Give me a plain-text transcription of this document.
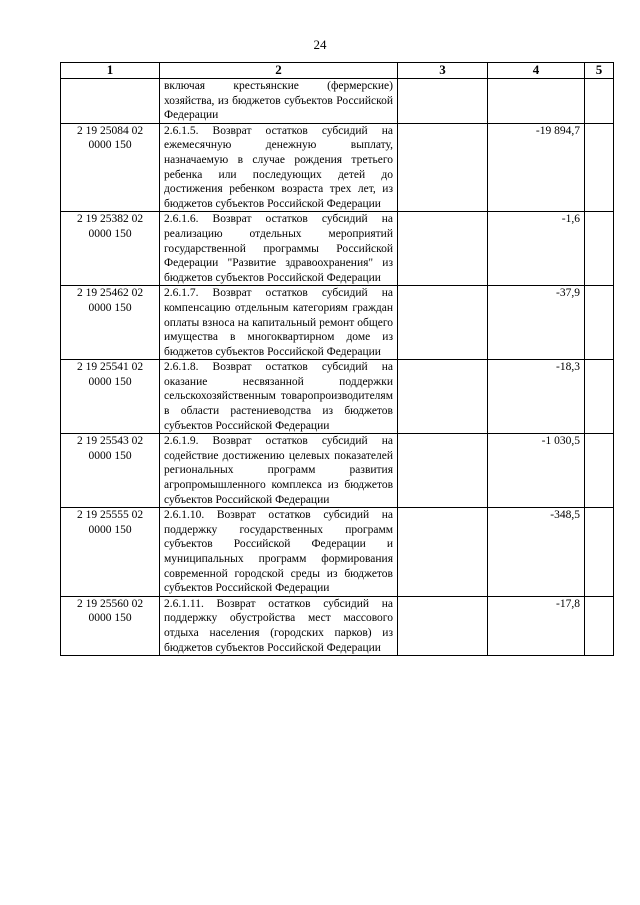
24
1	2	3	4	5
	включая крестьянские (фермерские) хозяйства, из бюджетов субъектов Российской Федерации			
2 19 25084 02 0000 150	2.6.1.5. Возврат остатков субсидий на ежемесячную денежную выплату, назначаемую в случае рождения третьего ребенка или последующих детей до достижения ребенком возраста трех лет, из бюджетов субъектов Российской Федерации		-19 894,7	
2 19 25382 02 0000 150	2.6.1.6. Возврат остатков субсидий на реализацию отдельных мероприятий государственной программы Российской Федерации "Развитие здравоохранения" из бюджетов субъектов Российской Федерации		-1,6	
2 19 25462 02 0000 150	2.6.1.7. Возврат остатков субсидий на компенсацию отдельным категориям граждан оплаты взноса на капитальный ремонт общего имущества в многоквартирном доме из бюджетов субъектов Российской Федерации		-37,9	
2 19 25541 02 0000 150	2.6.1.8. Возврат остатков субсидий на оказание несвязанной поддержки сельскохозяйственным товаропроизводителям в области растениеводства из бюджетов субъектов Российской Федерации		-18,3	
2 19 25543 02 0000 150	2.6.1.9. Возврат остатков субсидий на содействие достижению целевых показателей региональных программ развития агропромышленного комплекса из бюджетов субъектов Российской Федерации		-1 030,5	
2 19 25555 02 0000 150	2.6.1.10. Возврат остатков субсидий на поддержку государственных программ субъектов Российской Федерации и муниципальных программ формирования современной городской среды из бюджетов субъектов Российской Федерации		-348,5	
2 19 25560 02 0000 150	2.6.1.11. Возврат остатков субсидий на поддержку обустройства мест массового отдыха населения (городских парков) из бюджетов субъектов Российской Федерации		-17,8	
